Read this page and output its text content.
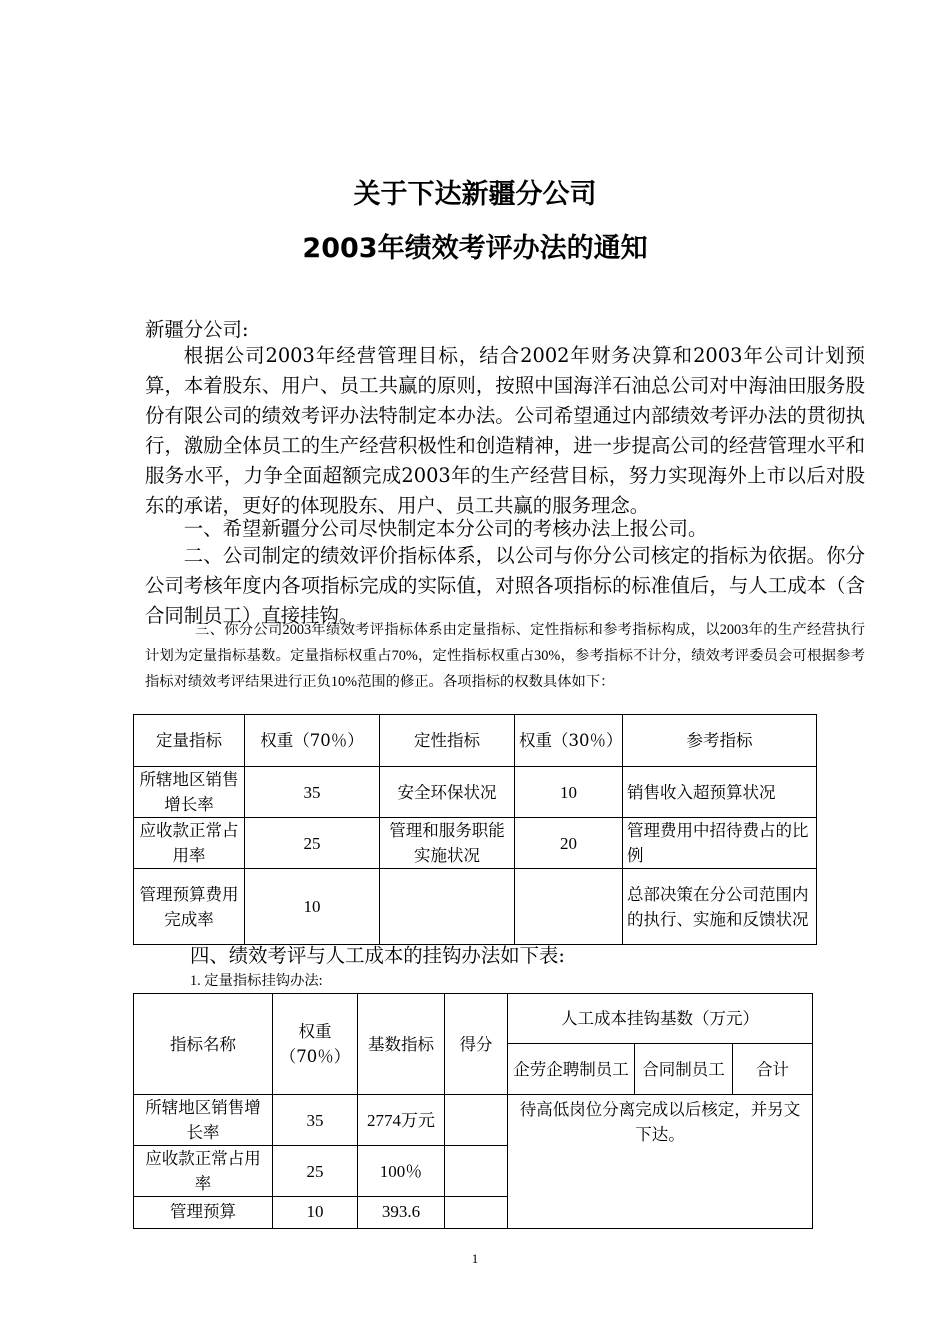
关于下达新疆分公司
2003年绩效考评办法的通知
新疆分公司:
根据公司2003年经营管理目标，结合2002年财务决算和2003年公司计划预算，本着股东、用户、员工共赢的原则，按照中国海洋石油总公司对中海油田服务股份有限公司的绩效考评办法特制定本办法。公司希望通过内部绩效考评办法的贯彻执行，激励全体员工的生产经营积极性和创造精神，进一步提高公司的经营管理水平和服务水平，力争全面超额完成2003年的生产经营目标，努力实现海外上市以后对股东的承诺，更好的体现股东、用户、员工共赢的服务理念。
一、希望新疆分公司尽快制定本分公司的考核办法上报公司。
二、公司制定的绩效评价指标体系，以公司与你分公司核定的指标为依据。你分公司考核年度内各项指标完成的实际值，对照各项指标的标准值后，与人工成本（含合同制员工）直接挂钩。
三、你分公司2003年绩效考评指标体系由定量指标、定性指标和参考指标构成，以2003年的生产经营执行计划为定量指标基数。定量指标权重占70%，定性指标权重占30%，参考指标不计分，绩效考评委员会可根据参考指标对绩效考评结果进行正负10%范围的修正。各项指标的权数具体如下：
定量指标	权重（70％）	定性指标	权重（30％）	参考指标
所辖地区销售增长率	35	安全环保状况	10	销售收入超预算状况
应收款正常占用率	25	管理和服务职能实施状况	20	管理费用中招待费占的比例
管理预算费用完成率	10			总部决策在分公司范围内的执行、实施和反馈状况
四、绩效考评与人工成本的挂钩办法如下表:
1. 定量指标挂钩办法:
指标名称	权重（70％）	基数指标	得分	人工成本挂钩基数（万元）		
				企劳企聘制员工	合同制员工	合计
所辖地区销售增长率	35	2774万元		待高低岗位分离完成以后核定，并另文下达。		
应收款正常占用率	25	100％				
管理预算	10	393.6				
1
